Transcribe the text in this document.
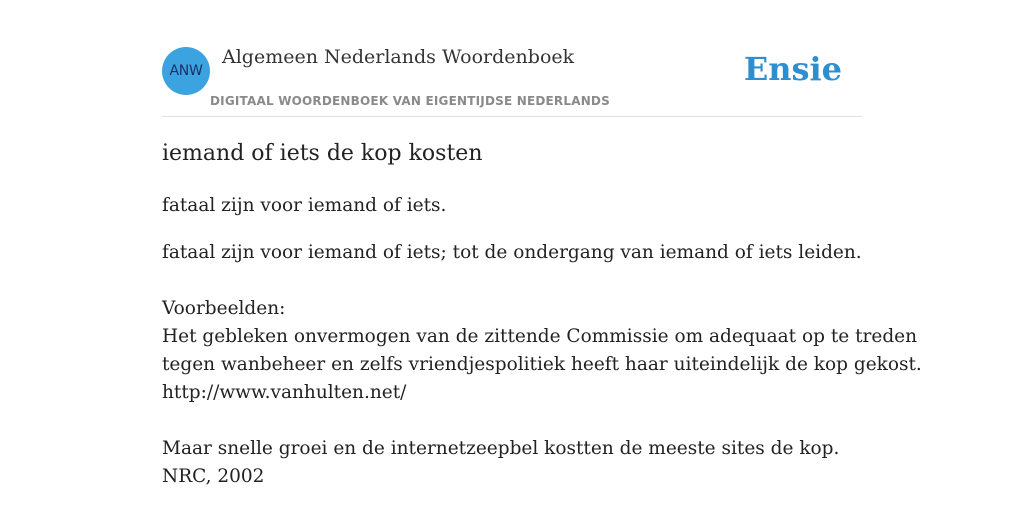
ANW
Algemeen Nederlands Woordenboek
DIGITAAL WOORDENBOEK VAN EIGENTIJDSE NEDERLANDS
Ensie
iemand of iets de kop kosten
fataal zijn voor iemand of iets.
fataal zijn voor iemand of iets; tot de ondergang van iemand of iets leiden.
Voorbeelden:
Het gebleken onvermogen van de zittende Commissie om adequaat op te treden
tegen wanbeheer en zelfs vriendjespolitiek heeft haar uiteindelijk de kop gekost.
http://www.vanhulten.net/
Maar snelle groei en de internetzeepbel kostten de meeste sites de kop.
NRC, 2002
